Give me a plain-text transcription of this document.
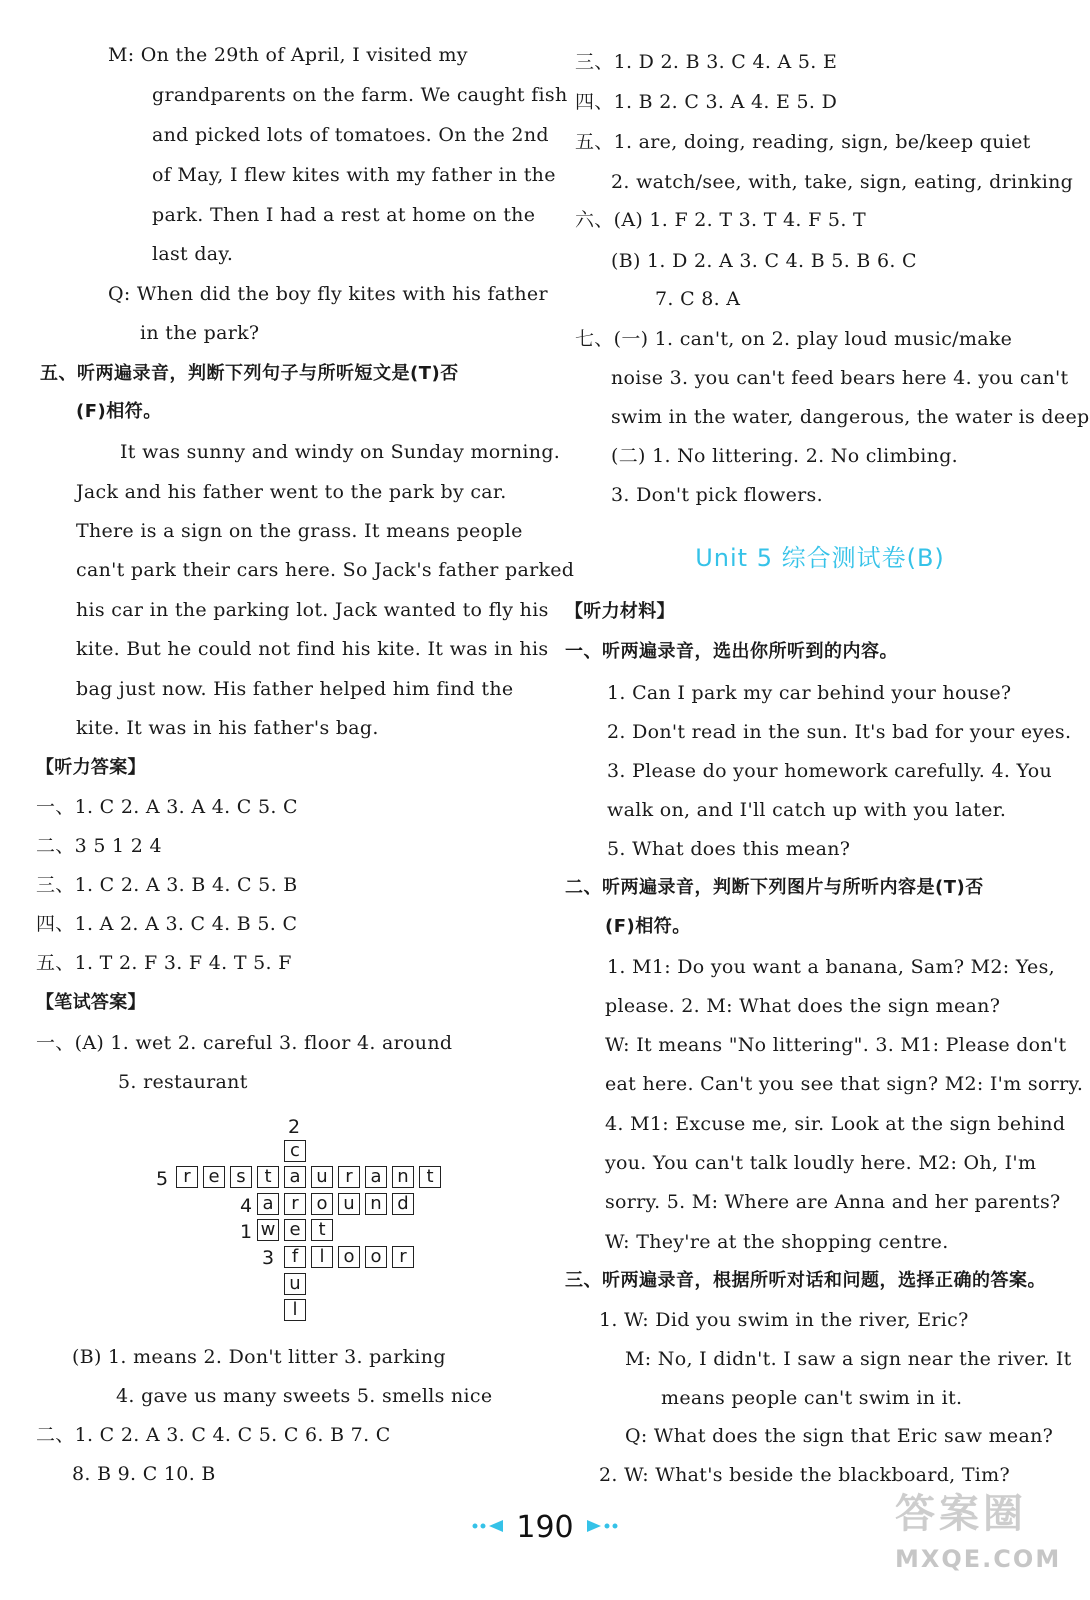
M: On the 29th of April, I visited my
grandparents on the farm. We caught fish
and picked lots of tomatoes. On the 2nd
of May, I flew kites with my father in the
park. Then I had a rest at home on the
last day.
Q: When did the boy fly kites with his father
in the park?
五、听两遍录音，判断下列句子与所听短文是(T)否
(F)相符。
It was sunny and windy on Sunday morning.
Jack and his father went to the park by car.
There is a sign on the grass. It means people
can't park their cars here. So Jack's father parked
his car in the parking lot. Jack wanted to fly his
kite. But he could not find his kite. It was in his
bag just now. His father helped him find the
kite. It was in his father's bag.
【听力答案】
一、1. C 2. A 3. A 4. C 5. C
二、3 5 1 2 4
三、1. C 2. A 3. B 4. C 5. B
四、1. A 2. A 3. C 4. B 5. C
五、1. T 2. F 3. F 4. T 5. F
【笔试答案】
一、(A) 1. wet 2. careful 3. floor 4. around
5. restaurant
2
5
4
1
3
c
a
r
e
f
u
l
r e s	t	u r a n t
a	o u n d
w	t
l	o o r
(B) 1. means 2. Don't litter 3. parking
4. gave us many sweets 5. smells nice
二、1. C 2. A 3. C 4. C 5. C 6. B 7. C
8. B 9. C 10. B
三、1. D 2. B 3. C 4. A 5. E
四、1. B 2. C 3. A 4. E 5. D
五、1. are, doing, reading, sign, be/keep quiet
2. watch/see, with, take, sign, eating, drinking
六、(A) 1. F 2. T 3. T 4. F 5. T
(B) 1. D 2. A 3. C 4. B 5. B 6. C
7. C 8. A
七、(一) 1. can't, on 2. play loud music/make
noise 3. you can't feed bears here 4. you can't
swim in the water, dangerous, the water is deep
(二) 1. No littering. 2. No climbing.
3. Don't pick flowers.
Unit 5 综合测试卷(B)
【听力材料】
一、听两遍录音，选出你所听到的内容。
1. Can I park my car behind your house?
2. Don't read in the sun. It's bad for your eyes.
3. Please do your homework carefully. 4. You
walk on, and I'll catch up with you later.
5. What does this mean?
二、听两遍录音，判断下列图片与所听内容是(T)否
(F)相符。
1. M1: Do you want a banana, Sam? M2: Yes,
please. 2. M: What does the sign mean?
W: It means "No littering". 3. M1: Please don't
eat here. Can't you see that sign? M2: I'm sorry.
4. M1: Excuse me, sir. Look at the sign behind
you. You can't talk loudly here. M2: Oh, I'm
sorry. 5. M: Where are Anna and her parents?
W: They're at the shopping centre.
三、听两遍录音，根据所听对话和问题，选择正确的答案。
1. W: Did you swim in the river, Eric?
M: No, I didn't. I saw a sign near the river. It
means people can't swim in it.
Q: What does the sign that Eric saw mean?
2. W: What's beside the blackboard, Tim?
190	答案圈
MXQE.COM
